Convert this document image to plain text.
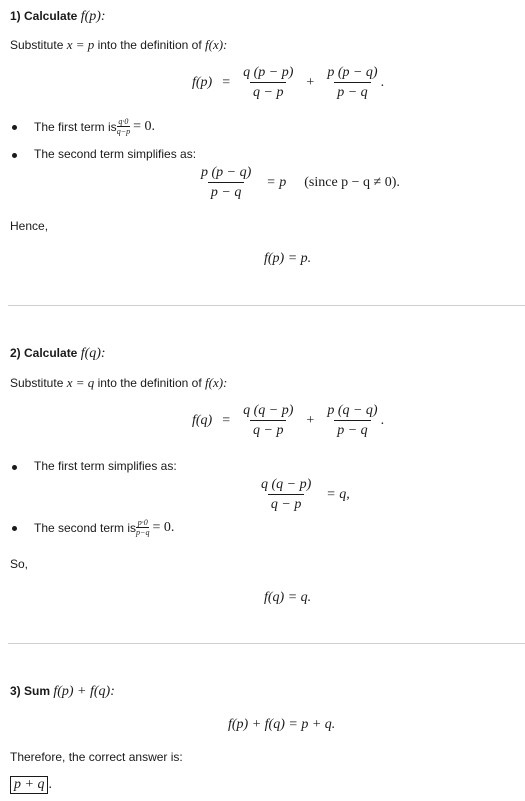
1) Calculate f(p):
Substitute x = p into the definition of f(x):
$f(p) = \frac{q (p - p)}{q - p} + \frac{p (p - q)}{p - q}$ .
The first term is $\frac{q\cdot 0}{q-p} = 0$.
The second term simplifies as:
$\frac{p (p - q)}{p - q} = p$ (since p − q ≠ 0).
Hence,
f(p) = p.
2) Calculate f(q):
Substitute x = q into the definition of f(x):
$f(q) = \frac{q (q - p)}{q - p} + \frac{p (q - q)}{p - q}$ .
The first term simplifies as:
$\frac{q (q - p)}{q - p} = q$,
The second term is $\frac{p\cdot 0}{p-q} = 0$.
So,
f(q) = q.
3) Sum f(p) + f(q):
f(p) + f(q) = p + q.
Therefore, the correct answer is:
p + q .
